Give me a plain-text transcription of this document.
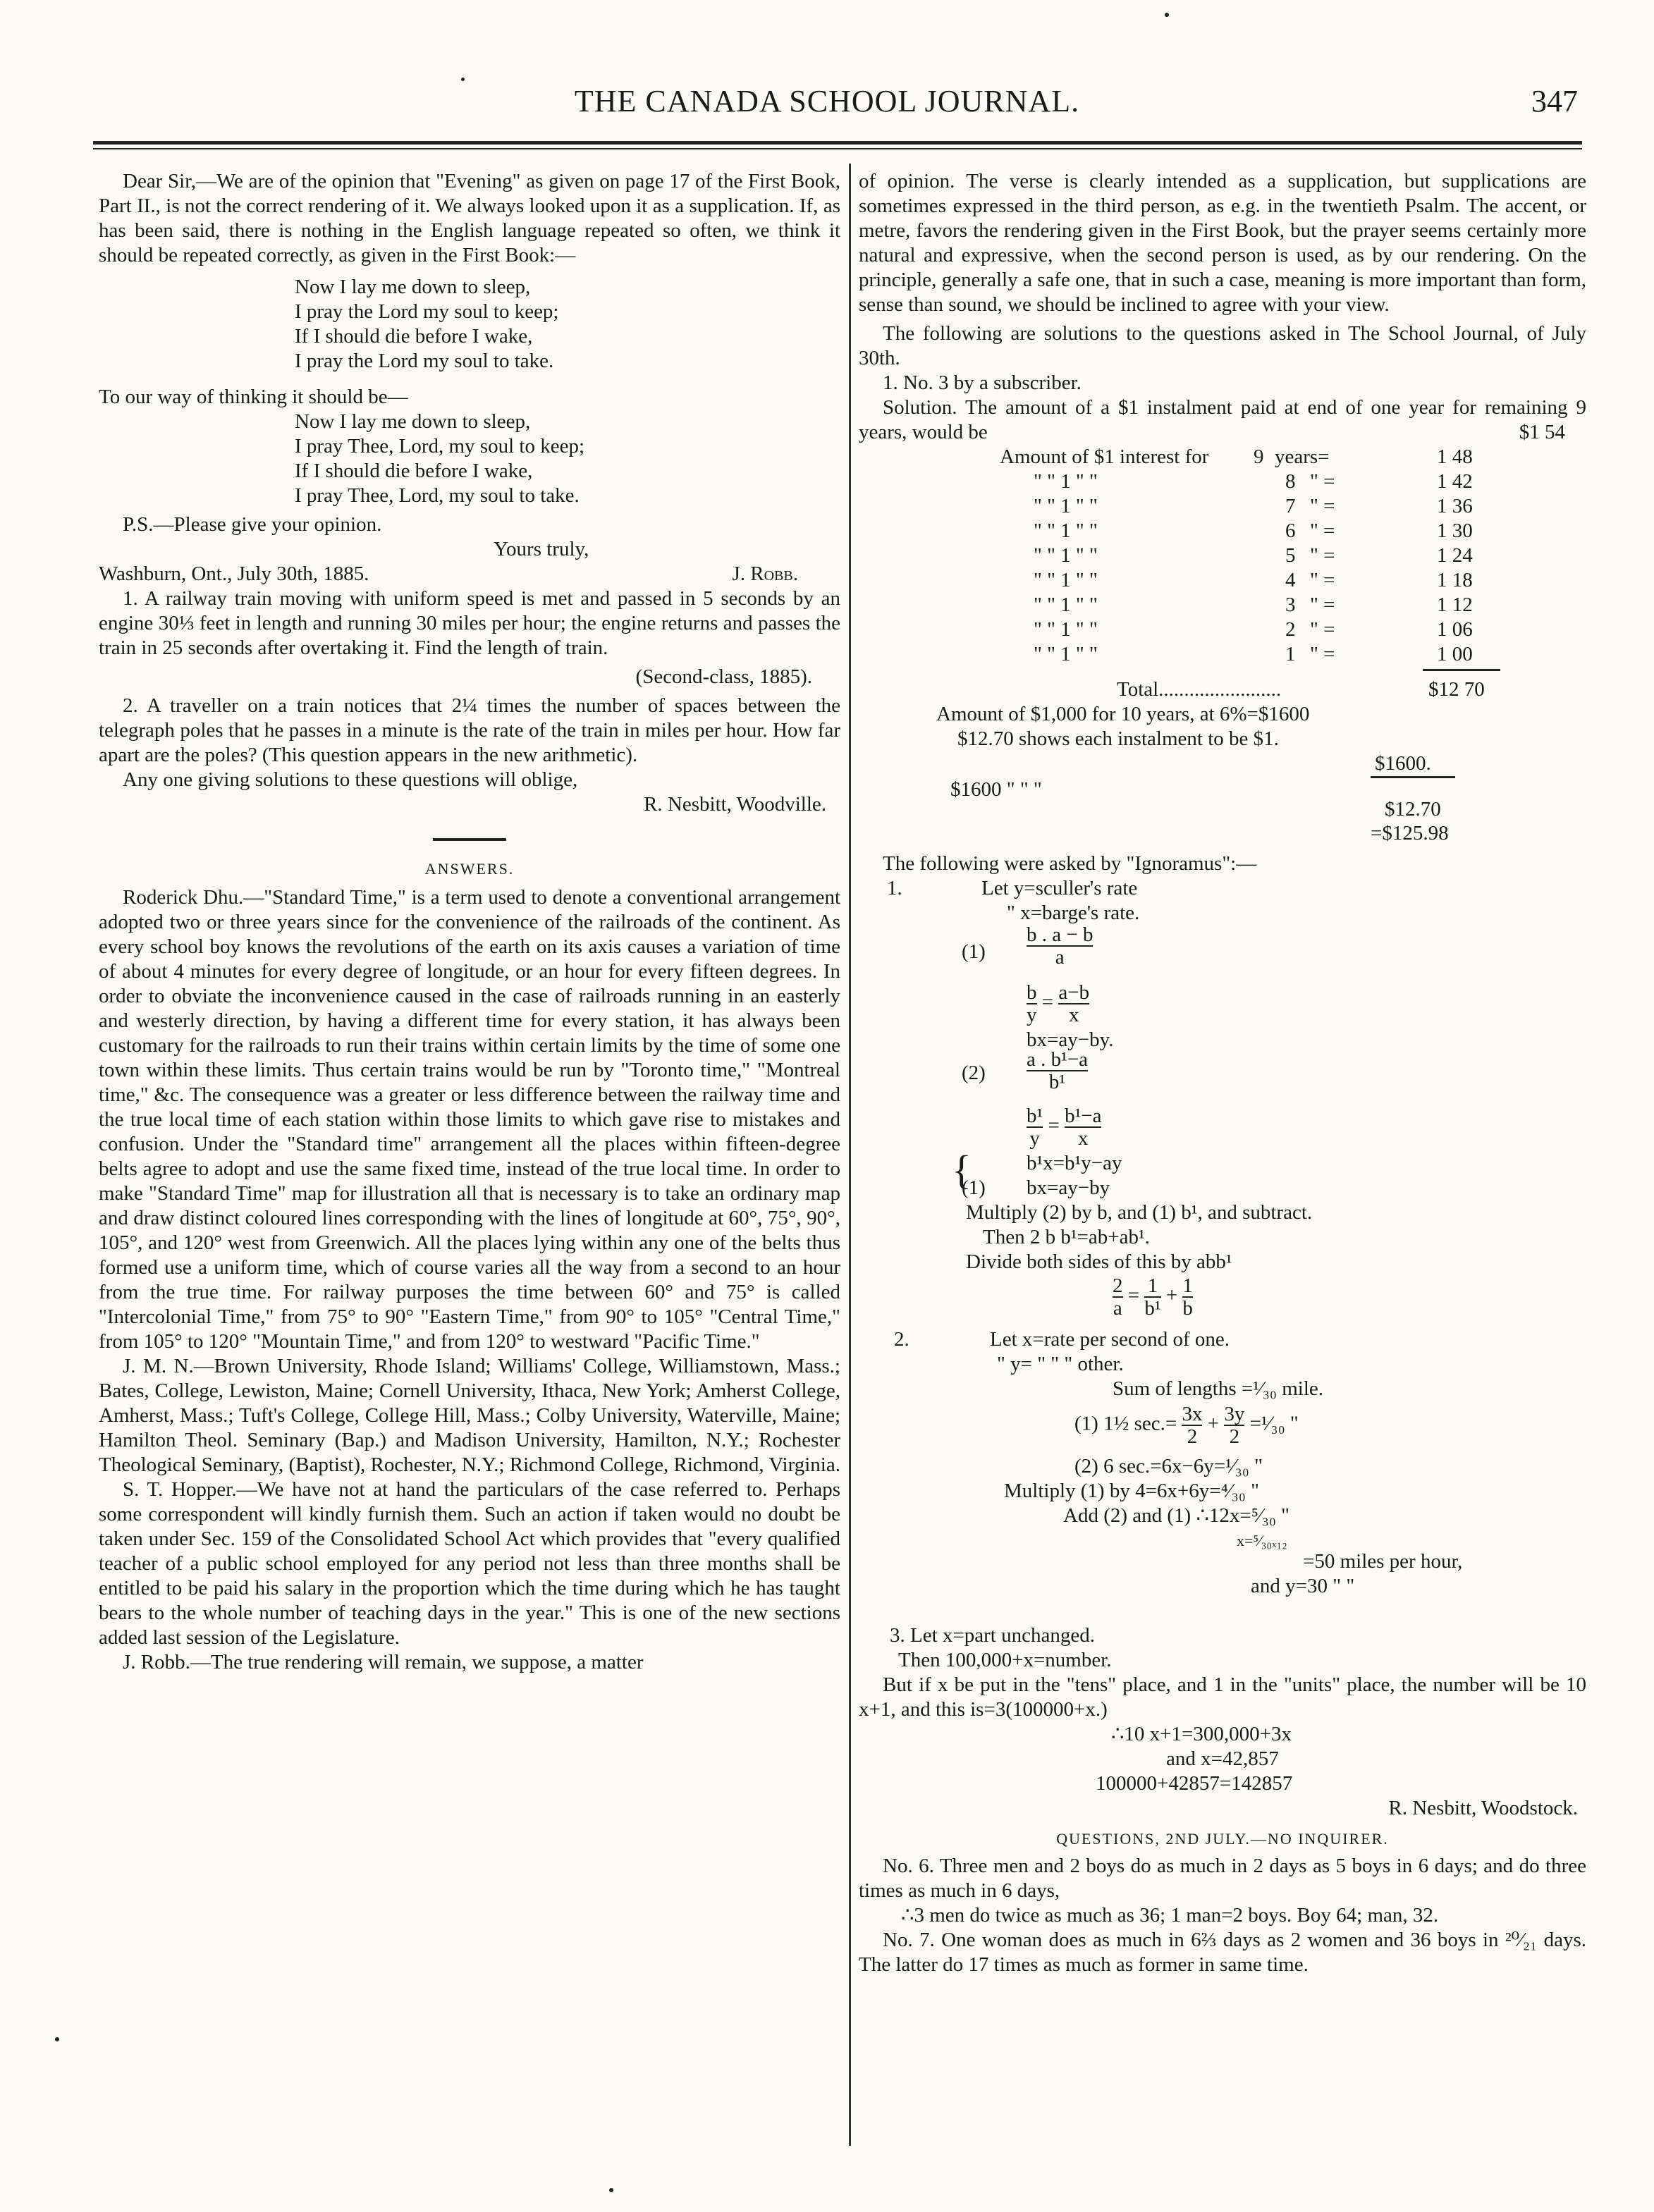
THE CANADA SCHOOL JOURNAL.	347

Dear Sir,—We are of the opinion that "Evening" as given on page 17 of the First Book, Part II., is not the correct rendering of it. We always looked upon it as a supplication. If, as has been said, there is nothing in the English language repeated so often, we think it should be repeated correctly, as given in the First Book:—

Now I lay me down to sleep,
I pray the Lord my soul to keep;
If I should die before I wake,
I pray the Lord my soul to take.

To our way of thinking it should be—

Now I lay me down to sleep,
I pray Thee, Lord, my soul to keep;
If I should die before I wake,
I pray Thee, Lord, my soul to take.

P.S.—Please give your opinion.

Yours truly,
Washburn, Ont., July 30th, 1885.	J. Robb.

1. A railway train moving with uniform speed is met and passed in 5 seconds by an engine 30⅓ feet in length and running 30 miles per hour; the engine returns and passes the train in 25 seconds after overtaking it. Find the length of train.

(Second-class, 1885).

2. A traveller on a train notices that 2¼ times the number of spaces between the telegraph poles that he passes in a minute is the rate of the train in miles per hour. How far apart are the poles? (This question appears in the new arithmetic).

Any one giving solutions to these questions will oblige,

R. Nesbitt, Woodville.
ANSWERS.

Roderick Dhu.—"Standard Time," is a term used to denote a conventional arrangement adopted two or three years since for the convenience of the railroads of the continent. As every school boy knows the revolutions of the earth on its axis causes a variation of time of about 4 minutes for every degree of longitude, or an hour for every fifteen degrees. In order to obviate the inconvenience caused in the case of railroads running in an easterly and westerly direction, by having a different time for every station, it has always been customary for the railroads to run their trains within certain limits by the time of some one town within these limits. Thus certain trains would be run by "Toronto time," "Montreal time," &c. The consequence was a greater or less difference between the railway time and the true local time of each station within those limits to which gave rise to mistakes and confusion. Under the "Standard time" arrangement all the places within fifteen-degree belts agree to adopt and use the same fixed time, instead of the true local time. In order to make "Standard Time" map for illustration all that is necessary is to take an ordinary map and draw distinct coloured lines corresponding with the lines of longitude at 60°, 75°, 90°, 105°, and 120° west from Greenwich. All the places lying within any one of the belts thus formed use a uniform time, which of course varies all the way from a second to an hour from the true time. For railway purposes the time between 60° and 75° is called "Intercolonial Time," from 75° to 90° "Eastern Time," from 90° to 105° "Central Time," from 105° to 120° "Mountain Time," and from 120° to westward "Pacific Time."

J. M. N.—Brown University, Rhode Island; Williams' College, Williamstown, Mass.; Bates, College, Lewiston, Maine; Cornell University, Ithaca, New York; Amherst College, Amherst, Mass.; Tuft's College, College Hill, Mass.; Colby University, Waterville, Maine; Hamilton Theol. Seminary (Bap.) and Madison University, Hamilton, N.Y.; Rochester Theological Seminary, (Baptist), Rochester, N.Y.; Richmond College, Richmond, Virginia.

S. T. Hopper.—We have not at hand the particulars of the case referred to. Perhaps some correspondent will kindly furnish them. Such an action if taken would no doubt be taken under Sec. 159 of the Consolidated School Act which provides that "every qualified teacher of a public school employed for any period not less than three months shall be entitled to be paid his salary in the proportion which the time during which he has taught bears to the whole number of teaching days in the year." This is one of the new sections added last session of the Legislature.

J. Robb.—The true rendering will remain, we suppose, a matter

of opinion. The verse is clearly intended as a supplication, but supplications are sometimes expressed in the third person, as e.g. in the twentieth Psalm. The accent, or metre, favors the rendering given in the First Book, but the prayer seems certainly more natural and expressive, when the second person is used, as by our rendering. On the principle, generally a safe one, that in such a case, meaning is more important than form, sense than sound, we should be inclined to agree with your view.

The following are solutions to the questions asked in The School Journal, of July 30th.

1. No. 3 by a subscriber.

Solution. The amount of a $1 instalment paid at end of one year for remaining 9 years, would be	$1 54
Amount of $1 interest for 9 years=	1 48
" " 1 " "	8 " =	1 42
" " 1 " "	7 " =	1 36
" " 1 " "	6 " =	1 30
" " 1 " "	5 " =	1 24
" " 1 " "	4 " =	1 18
" " 1 " "	3 " =	1 12
" " 1 " "	2 " =	1 06
" " 1 " "	1 " =	1 00
Total........................	$12 70
Amount of $1,000 for 10 years, at 6%=$1600
$12.70 shows each instalment to be $1.
$1600.
$1600 " " "
$12.70
=$125.98

The following were asked by "Ignoramus":—

1.	Let y=sculler's rate
" x=barge's rate.
$(1) \frac{b . a - b}{a}$
$\frac{b}{y} = \frac{a-b}{x}$
bx=ay−by.
$(2) \frac{\text{a . b¹−a}}{\text{b¹}}$
$\frac{\text{b¹}}{y} = \frac{\text{b¹−a}}{x}$
{	b¹x=b¹y−ay
(1) bx=ay−by
Multiply (2) by b, and (1) b¹, and subtract.
Then 2 b b¹=ab+ab¹.
Divide both sides of this by abb¹
$\frac{2}{a} = \frac{1}{\text{b¹}} + \frac{1}{b}$
2.	Let x=rate per second of one.
" y= " " " other.
Sum of lengths =¹⁄₃₀ mile.
(1) 1½ $\sec.= \frac{3x}{2} + \frac{3y}{2}$ =¹⁄₃₀ "
(2) 6 sec.=6x−6y=¹⁄₃₀ "
Multiply (1) by 4=6x+6y=⁴⁄₃₀ "
Add (2) and (1) ∴12x=⁵⁄₃₀ "
x=⁵⁄₃₀ₓ₁₂
=50 miles per hour,
and y=30 " "
3. Let x=part unchanged.
Then 100,000+x=number.

But if x be put in the "tens" place, and 1 in the "units" place, the number will be 10 x+1, and this is=3(100000+x.)

∴10 x+1=300,000+3x
and x=42,857
100000+42857=142857
R. Nesbitt, Woodstock.
QUESTIONS, 2ND JULY.—NO INQUIRER.

No. 6. Three men and 2 boys do as much in 2 days as 5 boys in 6 days; and do three times as much in 6 days,

∴3 men do twice as much as 36; 1 man=2 boys. Boy 64; man, 32.

No. 7. One woman does as much in 6⅔ days as 2 women and 36 boys in ²⁰⁄₂₁ days. The latter do 17 times as much as former in same time.
